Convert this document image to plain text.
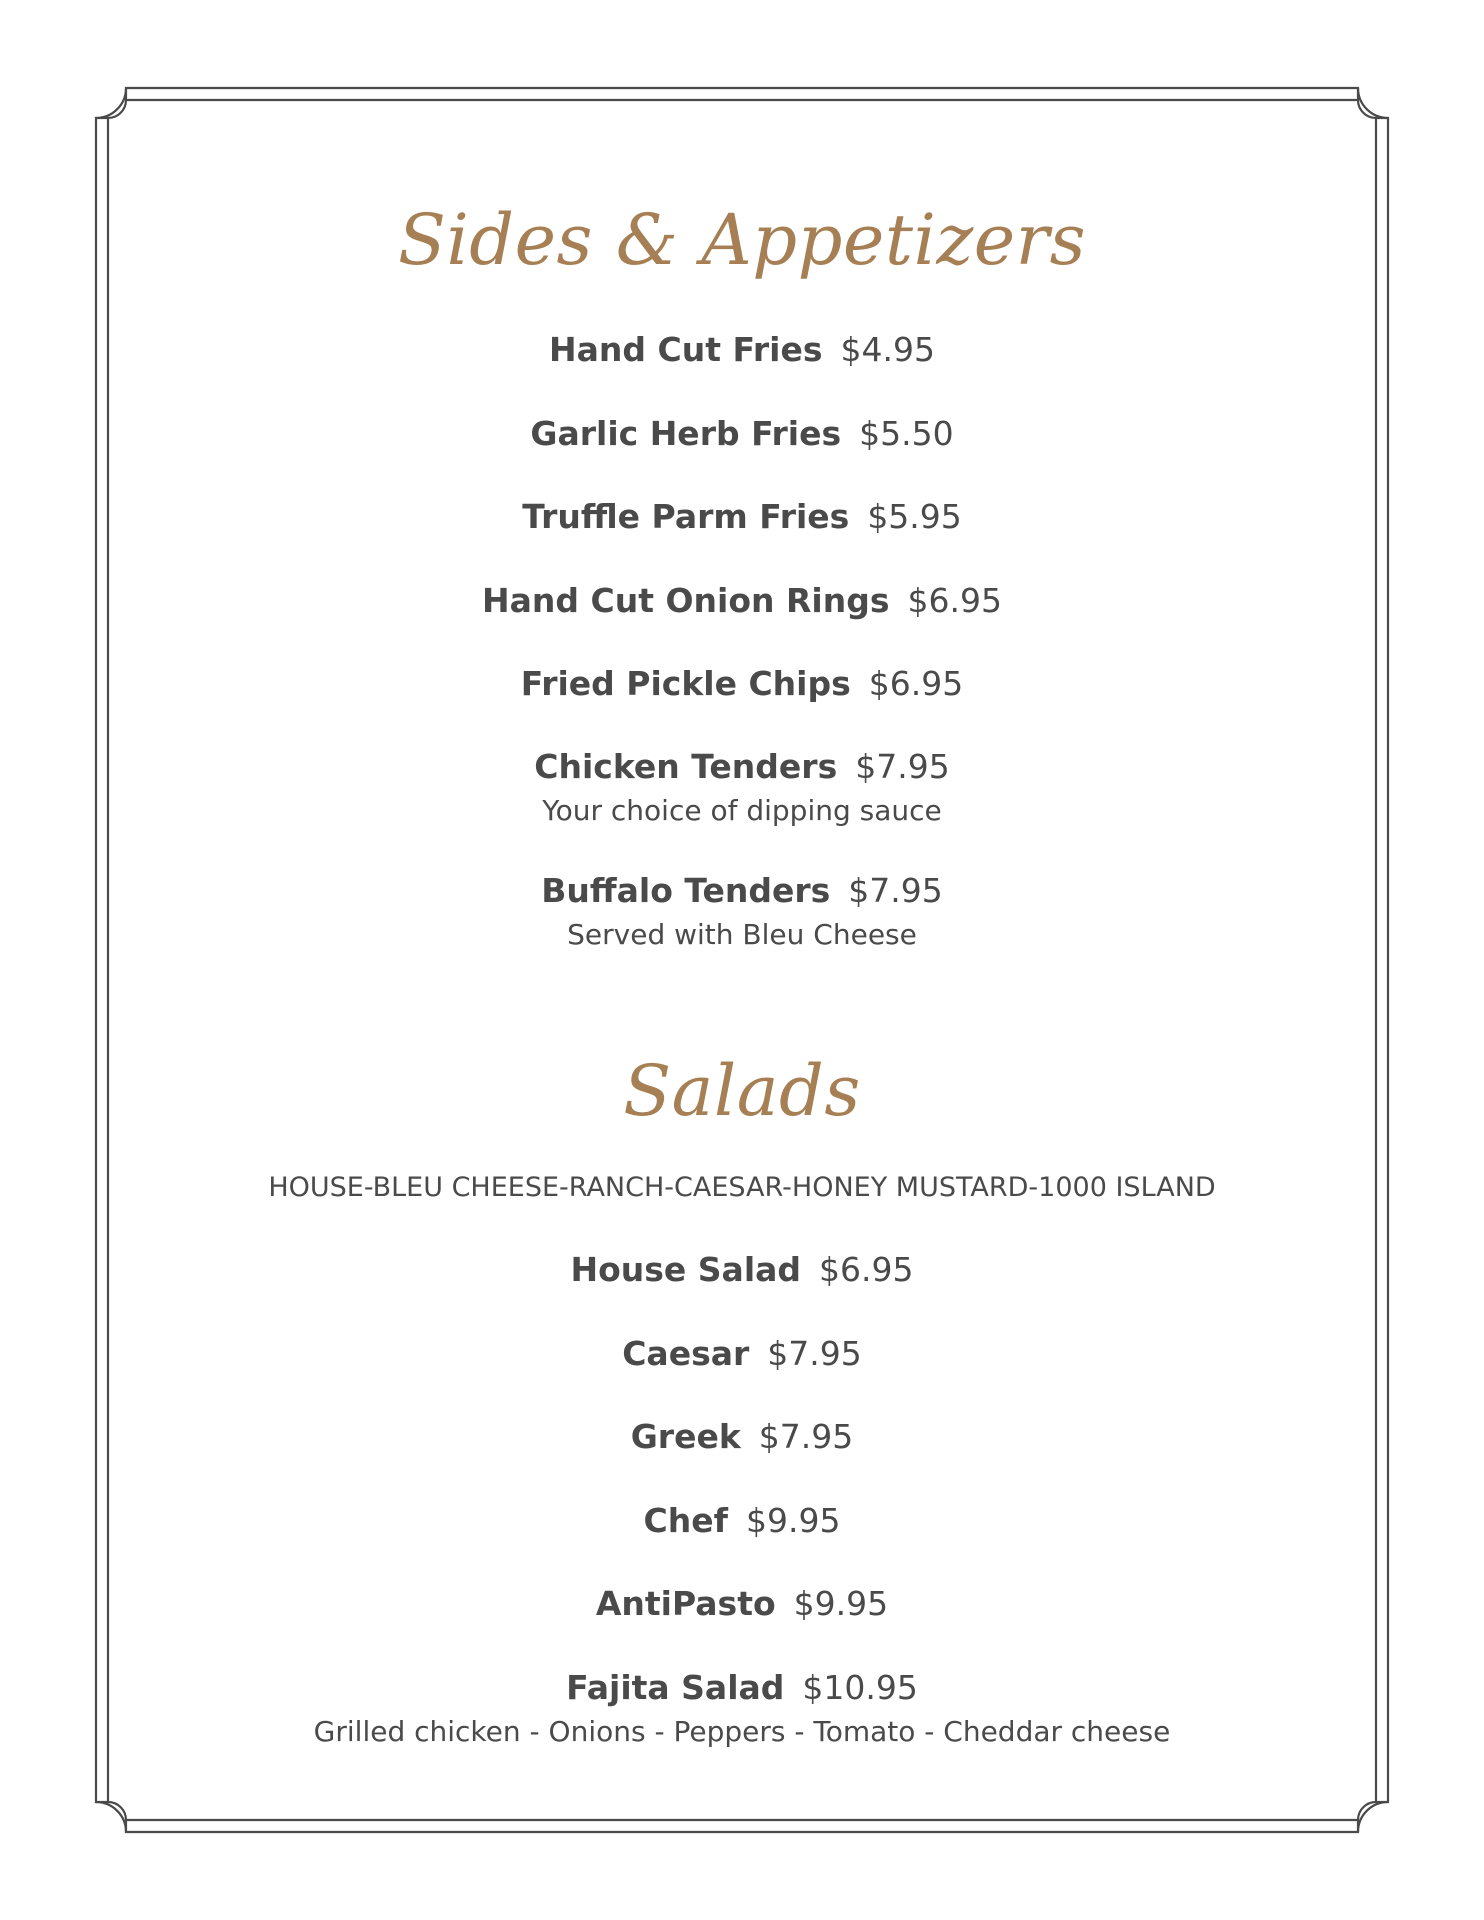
Sides & Appetizers
Hand Cut Fries $4.95
Garlic Herb Fries $5.50
Truffle Parm Fries $5.95
Hand Cut Onion Rings $6.95
Fried Pickle Chips $6.95
Chicken Tenders $7.95
Your choice of dipping sauce
Buffalo Tenders $7.95
Served with Bleu Cheese
Salads
HOUSE-BLEU CHEESE-RANCH-CAESAR-HONEY MUSTARD-1000 ISLAND
House Salad $6.95
Caesar $7.95
Greek $7.95
Chef $9.95
AntiPasto $9.95
Fajita Salad $10.95
Grilled chicken - Onions - Peppers - Tomato - Cheddar cheese
